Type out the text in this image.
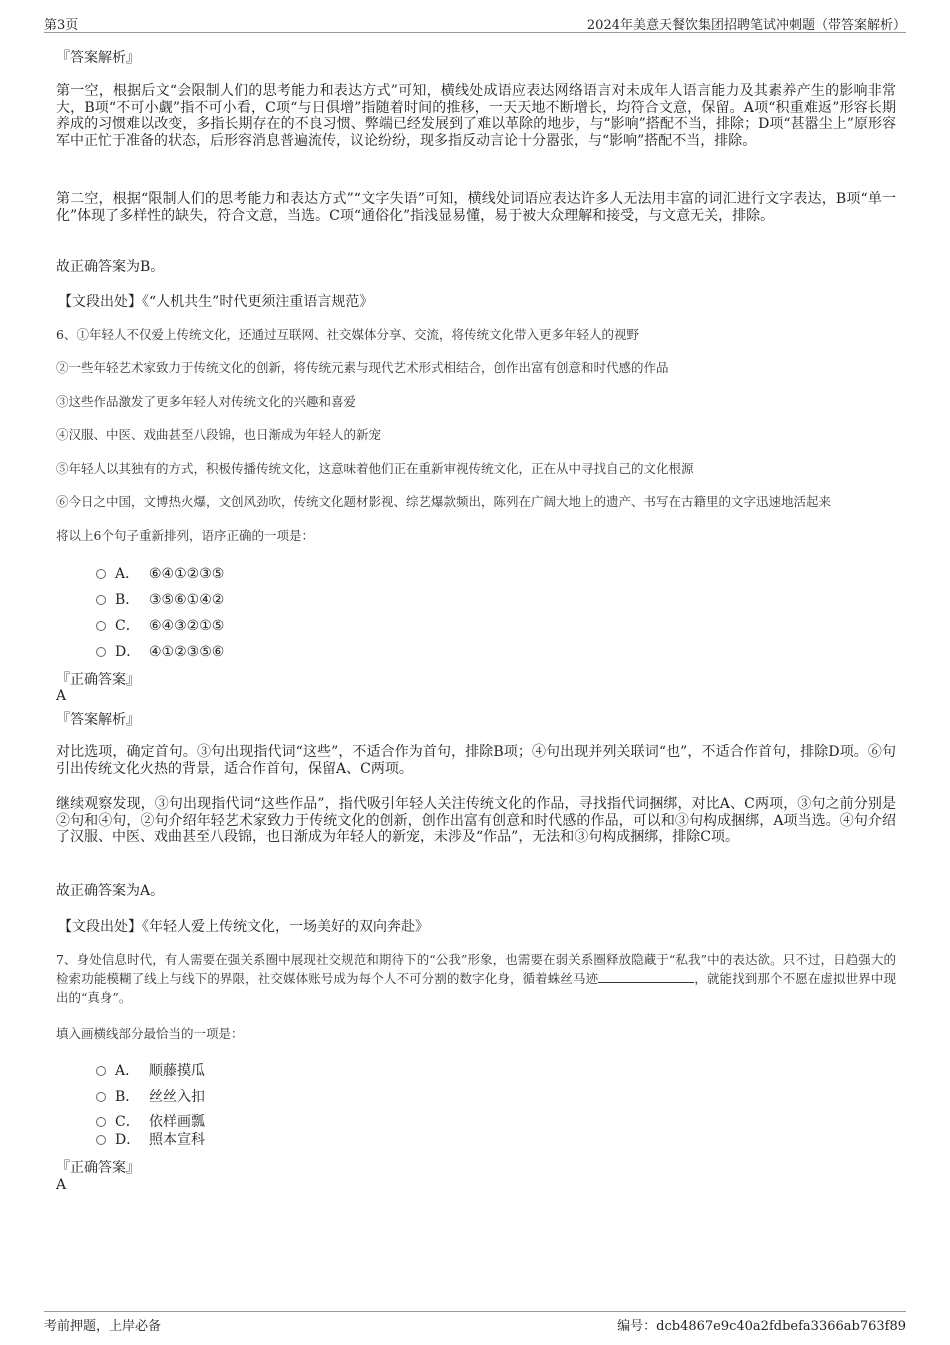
第3页	2024年美意天餐饮集团招聘笔试冲刺题（带答案解析）
『答案解析』
第一空，根据后文“会限制人们的思考能力和表达方式”可知，横线处成语应表达网络语言对未成年人语言能力及其素养产生的影响非常大，B项“不可小觑”指不可小看，C项“与日俱增”指随着时间的推移，一天天地不断增长，均符合文意，保留。A项“积重难返”形容长期养成的习惯难以改变，多指长期存在的不良习惯、弊端已经发展到了难以革除的地步，与“影响”搭配不当，排除；D项“甚嚣尘上”原形容军中正忙于准备的状态，后形容消息普遍流传，议论纷纷，现多指反动言论十分嚣张，与“影响”搭配不当，排除。
第二空，根据“限制人们的思考能力和表达方式”“文字失语”可知，横线处词语应表达许多人无法用丰富的词汇进行文字表达，B项“单一化”体现了多样性的缺失，符合文意，当选。C项“通俗化”指浅显易懂，易于被大众理解和接受，与文意无关，排除。
故正确答案为B。
【文段出处】《“人机共生”时代更须注重语言规范》
6、①年轻人不仅爱上传统文化，还通过互联网、社交媒体分享、交流，将传统文化带入更多年轻人的视野
②一些年轻艺术家致力于传统文化的创新，将传统元素与现代艺术形式相结合，创作出富有创意和时代感的作品
③这些作品激发了更多年轻人对传统文化的兴趣和喜爱
④汉服、中医、戏曲甚至八段锦，也日渐成为年轻人的新宠
⑤年轻人以其独有的方式，积极传播传统文化，这意味着他们正在重新审视传统文化，正在从中寻找自己的文化根源
⑥今日之中国，文博热火爆，文创风劲吹，传统文化题材影视、综艺爆款频出，陈列在广阔大地上的遗产、书写在古籍里的文字迅速地活起来
将以上6个句子重新排列，语序正确的一项是：
A． ⑥④①②③⑤
B． ③⑤⑥①④②
C． ⑥④③②①⑤
D． ④①②③⑤⑥
『正确答案』
A
『答案解析』
对比选项，确定首句。③句出现指代词“这些”，不适合作为首句，排除B项；④句出现并列关联词“也”，不适合作首句，排除D项。⑥句引出传统文化火热的背景，适合作首句，保留A、C两项。
继续观察发现，③句出现指代词“这些作品”，指代吸引年轻人关注传统文化的作品，寻找指代词捆绑，对比A、C两项，③句之前分别是②句和④句，②句介绍年轻艺术家致力于传统文化的创新，创作出富有创意和时代感的作品，可以和③句构成捆绑，A项当选。④句介绍了汉服、中医、戏曲甚至八段锦，也日渐成为年轻人的新宠，未涉及“作品”，无法和③句构成捆绑，排除C项。
故正确答案为A。
【文段出处】《年轻人爱上传统文化，一场美好的双向奔赴》
7、身处信息时代，有人需要在强关系圈中展现社交规范和期待下的“公我”形象，也需要在弱关系圈释放隐藏于“私我”中的表达欲。只不过，日趋强大的检索功能模糊了线上与线下的界限，社交媒体账号成为每个人不可分割的数字化身，循着蛛丝马迹	，就能找到那个不愿在虚拟世界中现出的“真身”。
填入画横线部分最恰当的一项是：
A． 顺藤摸瓜
B． 丝丝入扣
C． 依样画瓢
D． 照本宣科
『正确答案』
A
考前押题，上岸必备	编号：dcb4867e9c40a2fdbefa3366ab763f89
